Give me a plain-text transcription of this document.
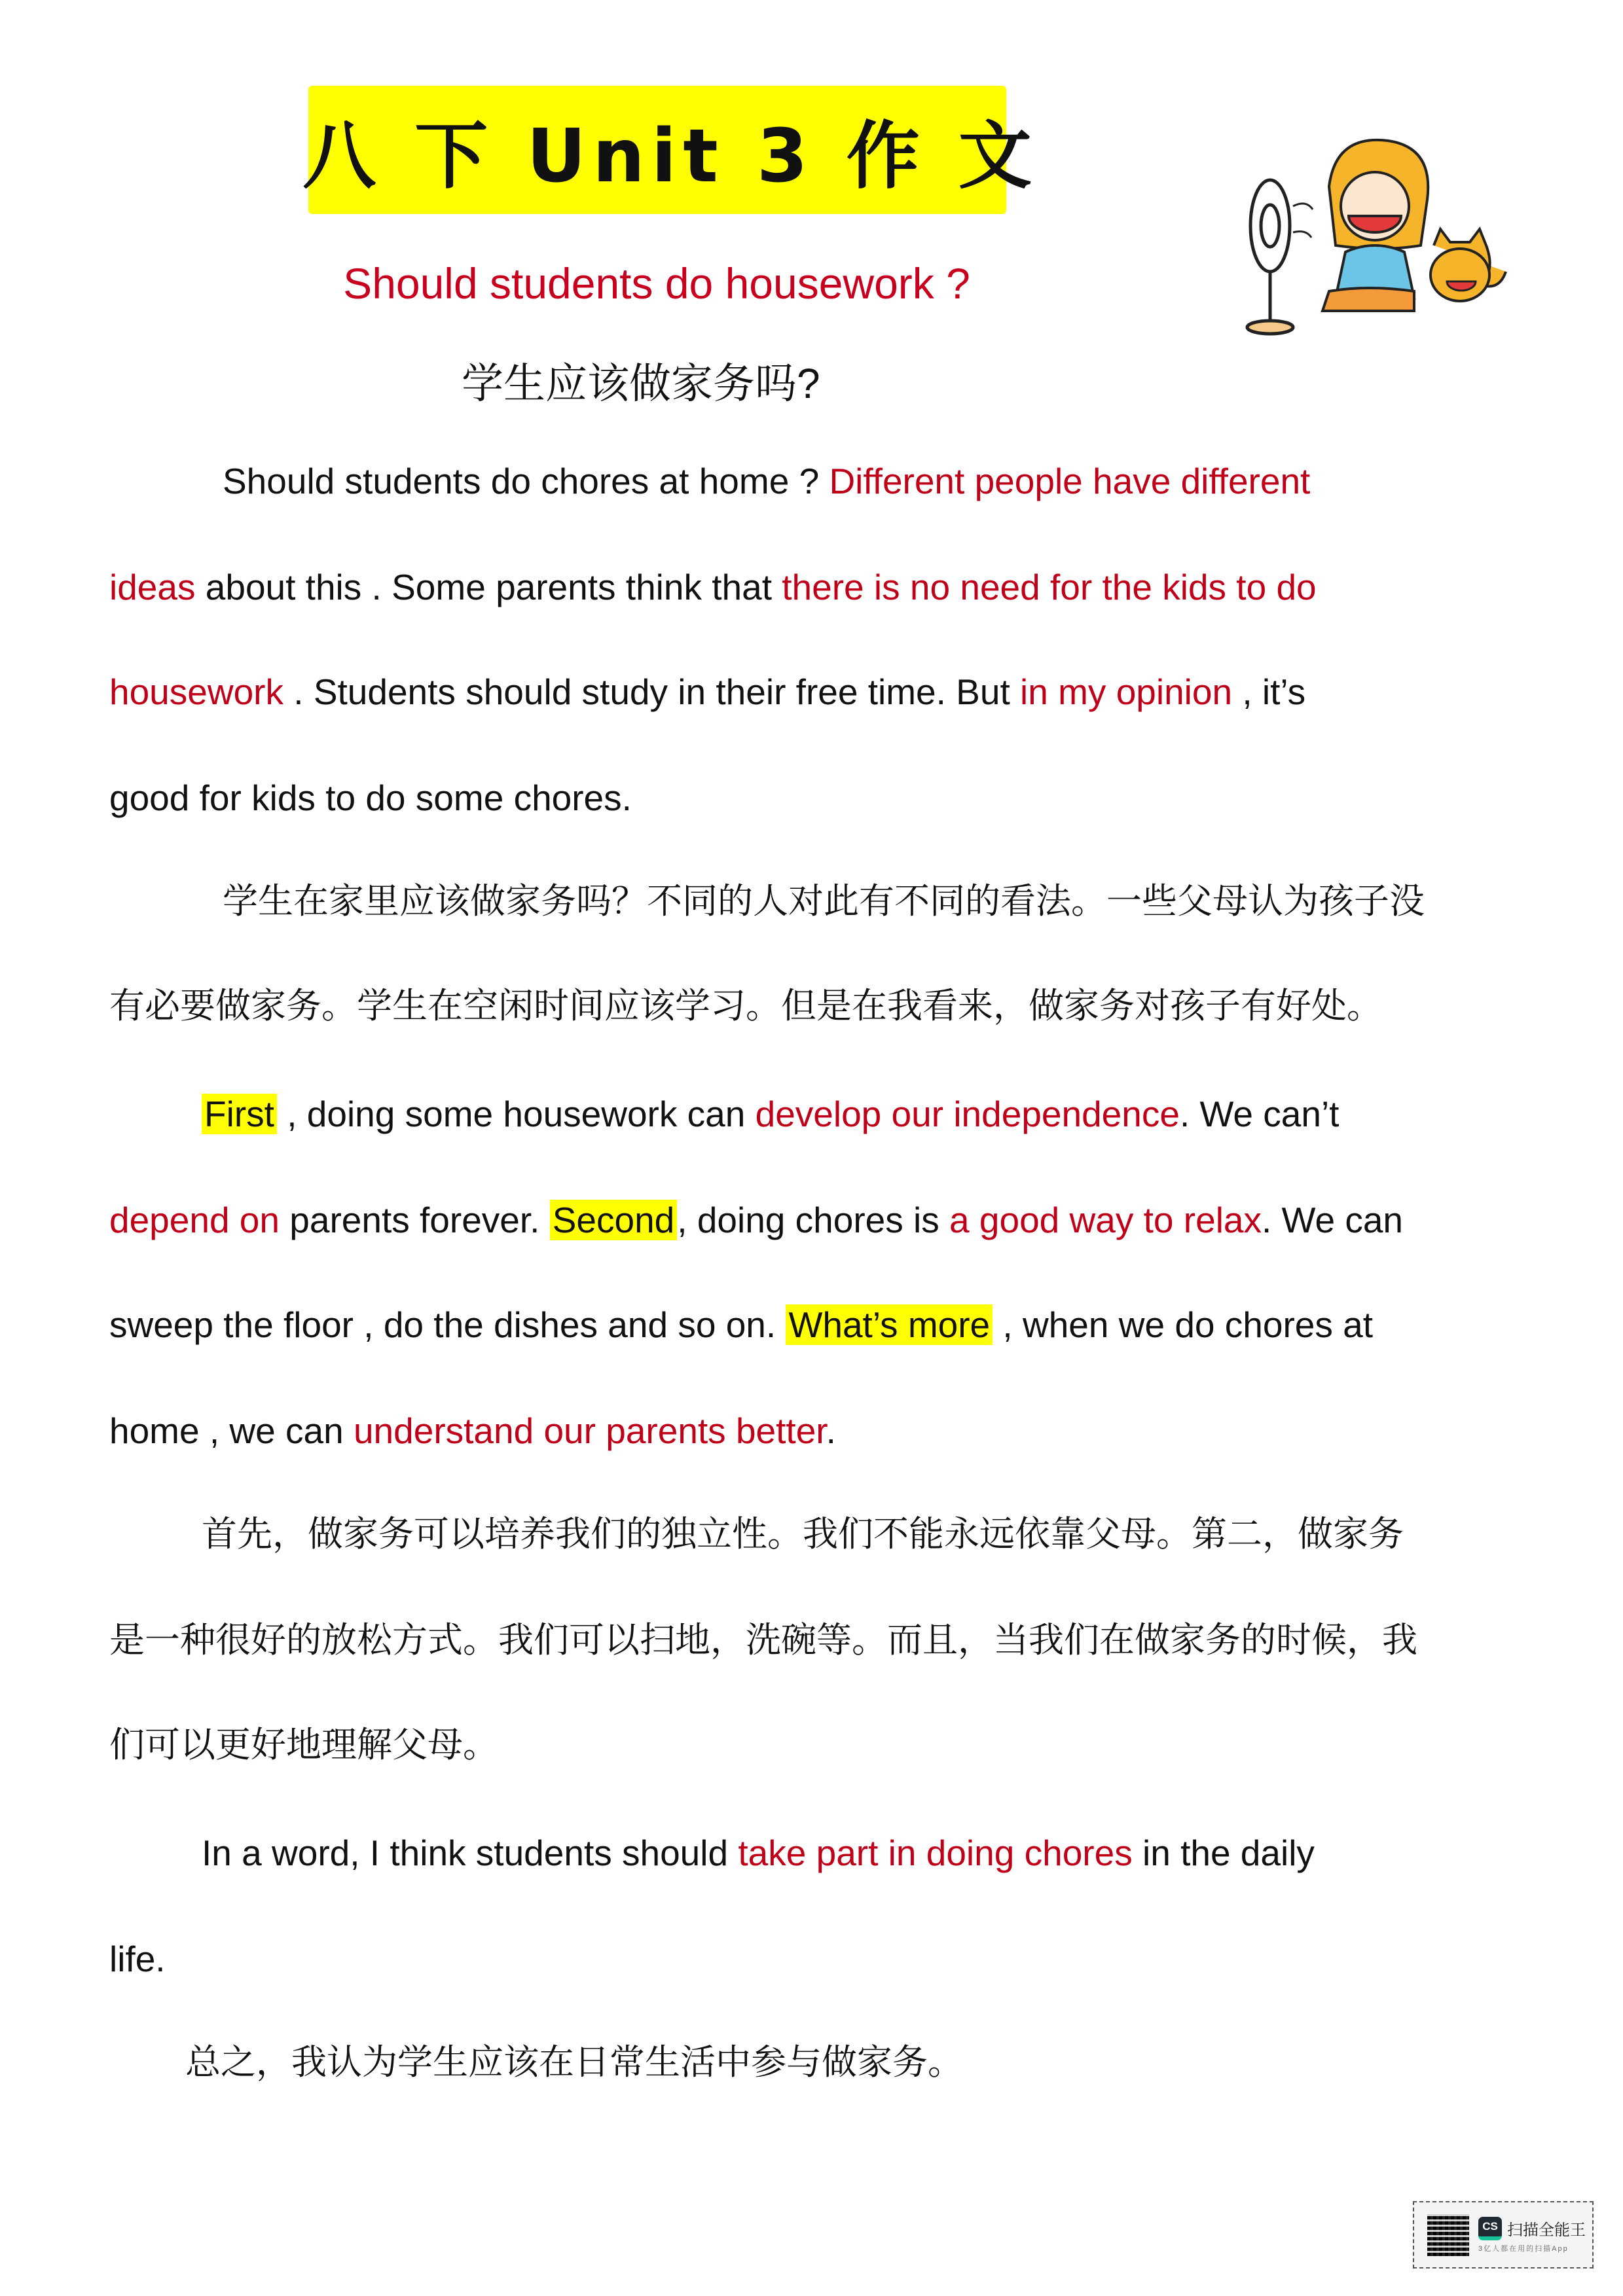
八 下 Unit 3 作 文
Should students do housework ?
学生应该做家务吗?
Should students do chores at home ? Different people have different
ideas about this . Some parents think that there is no need for the kids to do
housework . Students should study in their free time. But in my opinion , it’s
good for kids to do some chores.
学生在家里应该做家务吗？不同的人对此有不同的看法。一些父母认为孩子没
有必要做家务。学生在空闲时间应该学习。但是在我看来，做家务对孩子有好处。
First , doing some housework can develop our independence. We can’t
depend on parents forever. Second, doing chores is a good way to relax. We can
sweep the floor , do the dishes and so on. What’s more , when we do chores at
home , we can understand our parents better.
首先，做家务可以培养我们的独立性。我们不能永远依靠父母。第二，做家务
是一种很好的放松方式。我们可以扫地，洗碗等。而且，当我们在做家务的时候，我
们可以更好地理解父母。
In a word, I think students should take part in doing chores in the daily
life.
总之，我认为学生应该在日常生活中参与做家务。
CS 扫描全能王
3亿人都在用的扫描App
